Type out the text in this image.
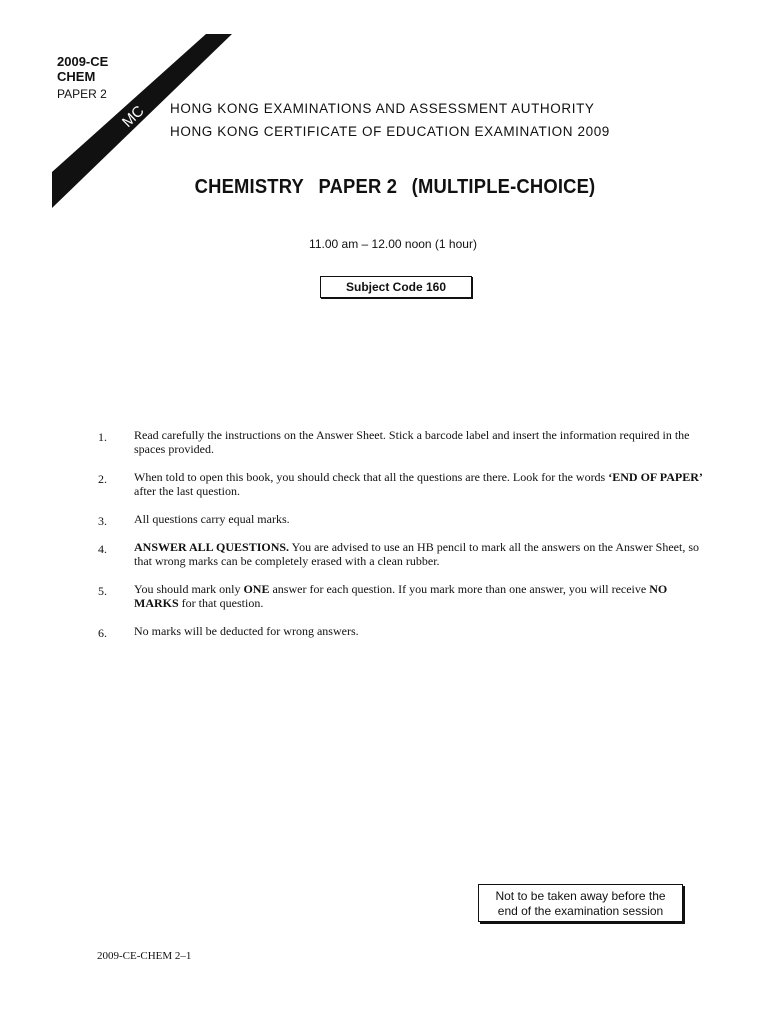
MC
2009-CE
CHEM
PAPER 2
HONG KONG EXAMINATIONS AND ASSESSMENT AUTHORITY
HONG KONG CERTIFICATE OF EDUCATION EXAMINATION 2009
CHEMISTRY PAPER 2 (MULTIPLE-CHOICE)
11.00 am – 12.00 noon (1 hour)
Subject Code 160
1. Read carefully the instructions on the Answer Sheet. Stick a barcode label and insert the information required in the spaces provided.
2. When told to open this book, you should check that all the questions are there. Look for the words ‘END OF PAPER’ after the last question.
3. All questions carry equal marks.
4. ANSWER ALL QUESTIONS. You are advised to use an HB pencil to mark all the answers on the Answer Sheet, so that wrong marks can be completely erased with a clean rubber.
5. You should mark only ONE answer for each question. If you mark more than one answer, you will receive NO MARKS for that question.
6. No marks will be deducted for wrong answers.
Not to be taken away before the
end of the examination session
2009-CE-CHEM 2–1
